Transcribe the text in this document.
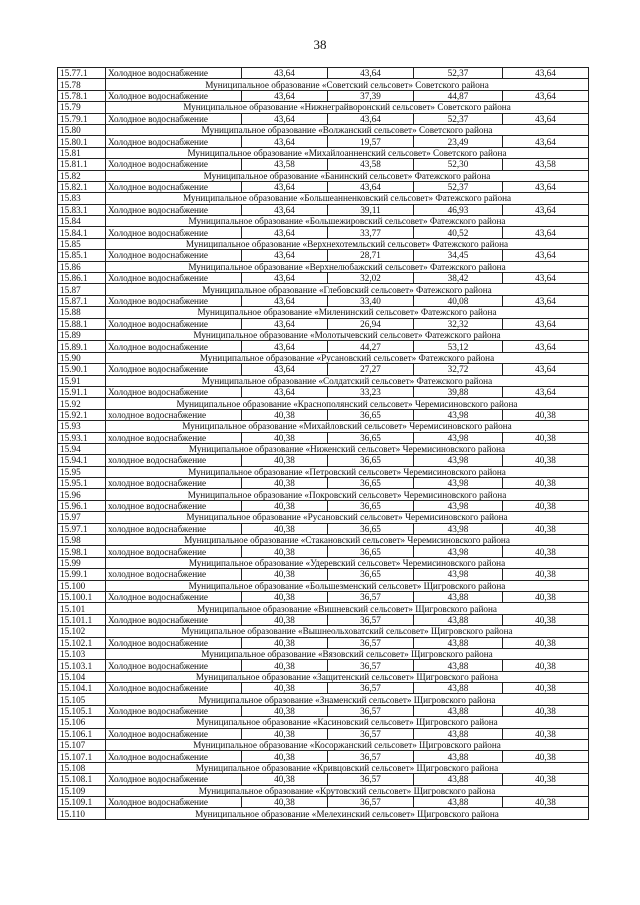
38
15.77.1	Холодное водоснабжение	43,64	43,64	52,37	43,64
15.78	Муниципальное образование «Советский сельсовет» Советского района				
15.78.1	Холодное водоснабжение	43,64	37,39	44,87	43,64
15.79	Муниципальное образование «Нижнеграйворонский сельсовет» Советского района				
15.79.1	Холодное водоснабжение	43,64	43,64	52,37	43,64
15.80	Муниципальное образование «Волжанский сельсовет» Советского района				
15.80.1	Холодное водоснабжение	43,64	19,57	23,49	43,64
15.81	Муниципальное образование «Михайлоанненский сельсовет» Советского района				
15.81.1	Холодное водоснабжение	43,58	43,58	52,30	43,58
15.82	Муниципальное образование «Банинский сельсовет» Фатежского района				
15.82.1	Холодное водоснабжение	43,64	43,64	52,37	43,64
15.83	Муниципальное образование «Большеанненковский сельсовет» Фатежского района				
15.83.1	Холодное водоснабжение	43,64	39,11	46,93	43,64
15.84	Муниципальное образование «Большежировский сельсовет» Фатежского района				
15.84.1	Холодное водоснабжение	43,64	33,77	40,52	43,64
15.85	Муниципальное образование «Верхнехотемльский сельсовет» Фатежского района				
15.85.1	Холодное водоснабжение	43,64	28,71	34,45	43,64
15.86	Муниципальное образование «Верхнелюбажский сельсовет» Фатежского района				
15.86.1	Холодное водоснабжение	43,64	32,02	38,42	43,64
15.87	Муниципальное образование «Глебовский сельсовет» Фатежского района				
15.87.1	Холодное водоснабжение	43,64	33,40	40,08	43,64
15.88	Муниципальное образование «Миленинский сельсовет» Фатежского района				
15.88.1	Холодное водоснабжение	43,64	26,94	32,32	43,64
15.89	Муниципальное образование «Молотычевский сельсовет» Фатежского района				
15.89.1	Холодное водоснабжение	43,64	44,27	53,12	43,64
15.90	Муниципальное образование «Русановский сельсовет» Фатежского района				
15.90.1	Холодное водоснабжение	43,64	27,27	32,72	43,64
15.91	Муниципальное образование «Солдатский сельсовет» Фатежского района				
15.91.1	Холодное водоснабжение	43,64	33,23	39,88	43,64
15.92	Муниципальное образование «Краснополянский сельсовет» Черемисиновского района				
15.92.1	холодное водоснабжение	40,38	36,65	43,98	40,38
15.93	Муниципальное образование «Михайловский сельсовет» Черемисиновского района				
15.93.1	холодное водоснабжение	40,38	36,65	43,98	40,38
15.94	Муниципальное образование «Ниженский сельсовет» Черемисиновского района				
15.94.1	холодное водоснабжение	40,38	36,65	43,98	40,38
15.95	Муниципальное образование «Петровский сельсовет» Черемисиновского района				
15.95.1	холодное водоснабжение	40,38	36,65	43,98	40,38
15.96	Муниципальное образование «Покровский сельсовет» Черемисиновского района				
15.96.1	холодное водоснабжение	40,38	36,65	43,98	40,38
15.97	Муниципальное образование «Русановский сельсовет» Черемисиновского района				
15.97.1	холодное водоснабжение	40,38	36,65	43,98	40,38
15.98	Муниципальное образование «Стакановский сельсовет» Черемисиновского района				
15.98.1	холодное водоснабжение	40,38	36,65	43,98	40,38
15.99	Муниципальное образование «Удеревский сельсовет» Черемисиновского района				
15.99.1	холодное водоснабжение	40,38	36,65	43,98	40,38
15.100	Муниципальное образование «Большезменский сельсовет» Щигровского района				
15.100.1	Холодное водоснабжение	40,38	36,57	43,88	40,38
15.101	Муниципальное образование «Вишневский сельсовет» Щигровского района				
15.101.1	Холодное водоснабжение	40,38	36,57	43,88	40,38
15.102	Муниципальное образование «Вышнеольховатский сельсовет» Щигровского района				
15.102.1	Холодное водоснабжение	40,38	36,57	43,88	40,38
15.103	Муниципальное образование «Вязовский сельсовет» Щигровского района				
15.103.1	Холодное водоснабжение	40,38	36,57	43,88	40,38
15.104	Муниципальное образование «Защитенский сельсовет» Щигровского района				
15.104.1	Холодное водоснабжение	40,38	36,57	43,88	40,38
15.105	Муниципальное образование «Знаменский сельсовет» Щигровского района				
15.105.1	Холодное водоснабжение	40,38	36,57	43,88	40,38
15.106	Муниципальное образование «Касиновский сельсовет» Щигровского района				
15.106.1	Холодное водоснабжение	40,38	36,57	43,88	40,38
15.107	Муниципальное образование «Косоржанский сельсовет» Щигровского района				
15.107.1	Холодное водоснабжение	40,38	36,57	43,88	40,38
15.108	Муниципальное образование «Кривцовский сельсовет» Щигровского района				
15.108.1	Холодное водоснабжение	40,38	36,57	43,88	40,38
15.109	Муниципальное образование «Крутовский сельсовет» Щигровского района				
15.109.1	Холодное водоснабжение	40,38	36,57	43,88	40,38
15.110	Муниципальное образование «Мелехинский сельсовет» Щигровского района				
